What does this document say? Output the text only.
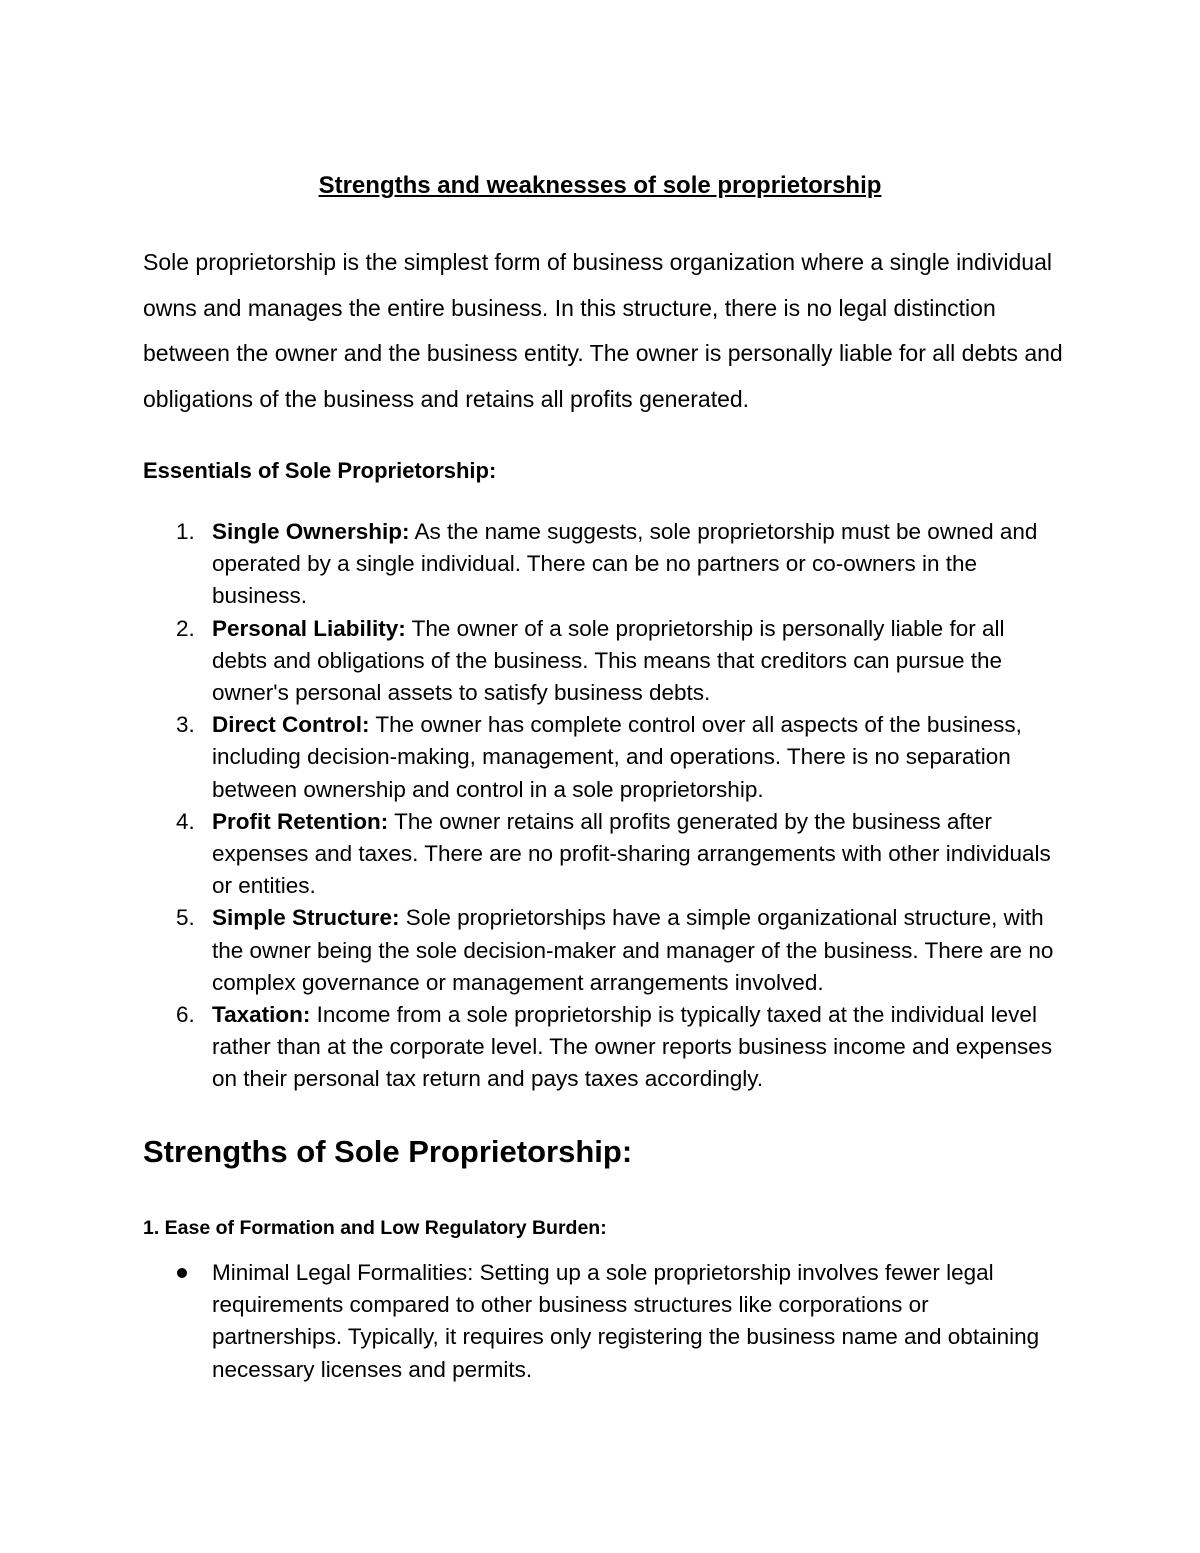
Strengths and weaknesses of sole proprietorship

Sole proprietorship is the simplest form of business organization where a single individual owns and manages the entire business. In this structure, there is no legal distinction between the owner and the business entity. The owner is personally liable for all debts and obligations of the business and retains all profits generated.

Essentials of Sole Proprietorship:
1. Single Ownership: As the name suggests, sole proprietorship must be owned and operated by a single individual. There can be no partners or co-owners in the business.
2. Personal Liability: The owner of a sole proprietorship is personally liable for all debts and obligations of the business. This means that creditors can pursue the owner's personal assets to satisfy business debts.
3. Direct Control: The owner has complete control over all aspects of the business, including decision-making, management, and operations. There is no separation between ownership and control in a sole proprietorship.
4. Profit Retention: The owner retains all profits generated by the business after expenses and taxes. There are no profit-sharing arrangements with other individuals or entities.
5. Simple Structure: Sole proprietorships have a simple organizational structure, with the owner being the sole decision-maker and manager of the business. There are no complex governance or management arrangements involved.
6. Taxation: Income from a sole proprietorship is typically taxed at the individual level rather than at the corporate level. The owner reports business income and expenses on their personal tax return and pays taxes accordingly.
Strengths of Sole Proprietorship:
1. Ease of Formation and Low Regulatory Burden:
Minimal Legal Formalities: Setting up a sole proprietorship involves fewer legal requirements compared to other business structures like corporations or partnerships. Typically, it requires only registering the business name and obtaining necessary licenses and permits.
